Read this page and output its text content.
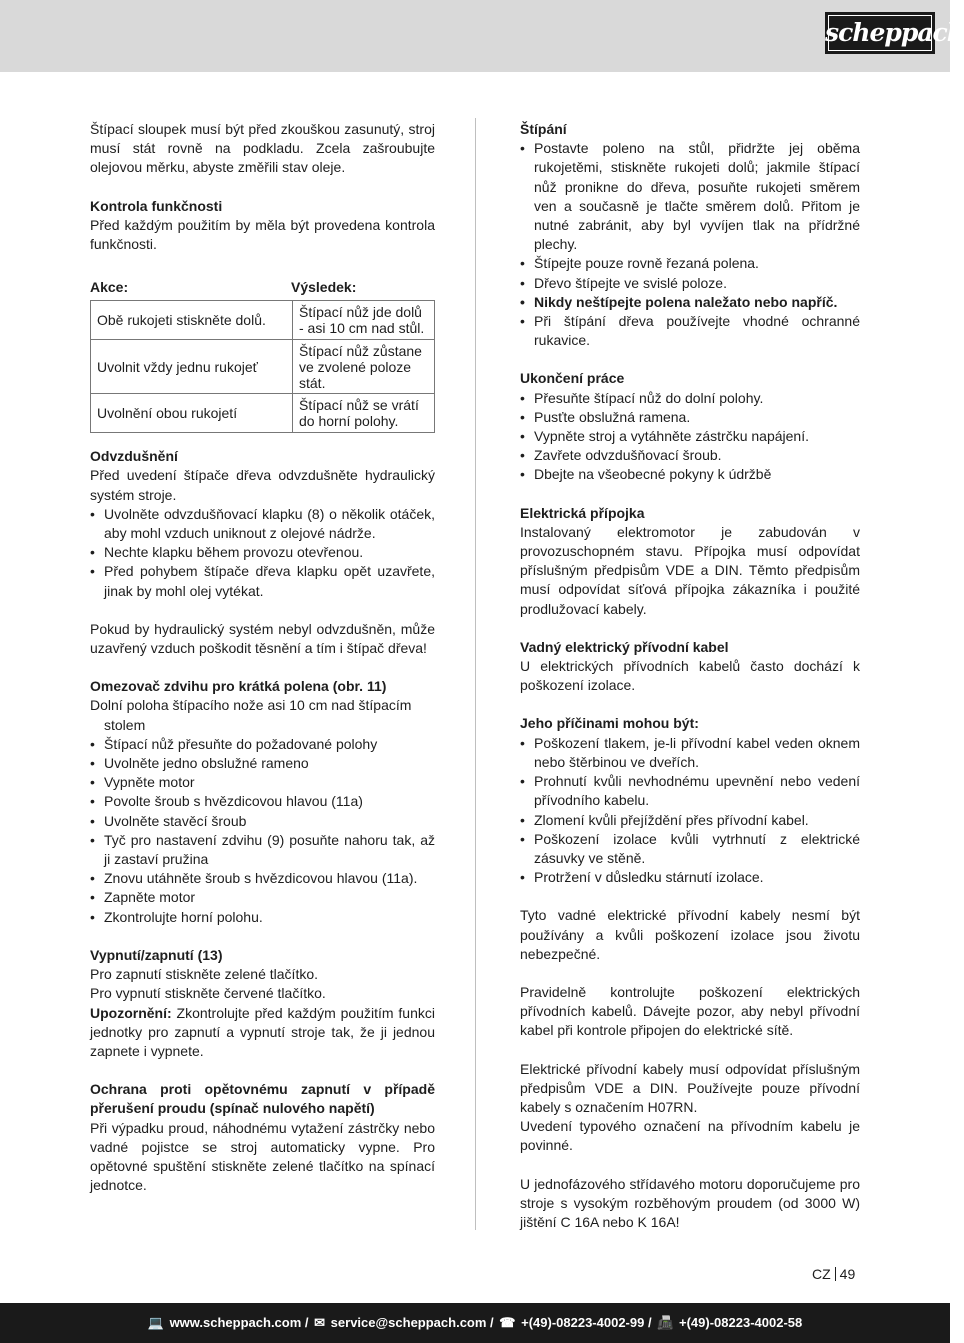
scheppach

Štípací sloupek musí být před zkouškou zasunutý, stroj musí stát rovně na podkladu. Zcela zašroubujte olejovou měrku, abyste změřili stav oleje.

Kontrola funkčnosti

Před každým použitím by měla být provedena kontrola funkčnosti.

Akce:	Výsledek:
Obě rukojeti stiskněte dolů.	Štípací nůž jde dolů - asi 10 cm nad stůl.
Uvolnit vždy jednu rukojeť	Štípací nůž zůstane ve zvolené poloze stát.
Uvolnění obou rukojetí	Štípací nůž se vrátí do horní polohy.
Odvzdušnění

Před uvedení štípače dřeva odvzdušněte hydraulický systém stroje.

• Uvolněte odvzdušňovací klapku (8) o několik otáček, aby mohl vzduch uniknout z olejové nádrže.
• Nechte klapku během provozu otevřenou.
• Před pohybem štípače dřeva klapku opět uzavřete, jinak by mohl olej vytékat.

Pokud by hydraulický systém nebyl odvzdušněn, může uzavřený vzduch poškodit těsnění a tím i štípač dřeva!

Omezovač zdvihu pro krátká polena (obr. 11)

Dolní poloha štípacího nože asi 10 cm nad štípacím stolem

• Štípací nůž přesuňte do požadované polohy
• Uvolněte jedno obslužné rameno
• Vypněte motor
• Povolte šroub s hvězdicovou hlavou (11a)
• Uvolněte stavěcí šroub
• Tyč pro nastavení zdvihu (9) posuňte nahoru tak, až ji zastaví pružina
• Znovu utáhněte šroub s hvězdicovou hlavou (11a).
• Zapněte motor
• Zkontrolujte horní polohu.
Vypnutí/zapnutí (13)

Pro zapnutí stiskněte zelené tlačítko.

Pro vypnutí stiskněte červené tlačítko.

Upozornění: Zkontrolujte před každým použitím funkci jednotky pro zapnutí a vypnutí stroje tak, že ji jednou zapnete i vypnete.

Ochrana proti opětovnému zapnutí v případě přerušení proudu (spínač nulového napětí)

Při výpadku proud, náhodnému vytažení zástrčky nebo vadné pojistce se stroj automaticky vypne. Pro opětovné spuštění stiskněte zelené tlačítko na spínací jednotce.

Štípání
• Postavte poleno na stůl, přidržte jej oběma rukojetěmi, stiskněte rukojeti dolů; jakmile štípací nůž pronikne do dřeva, posuňte rukojeti směrem ven a současně je tlačte směrem dolů. Přitom je nutné zabránit, aby byl vyvíjen tlak na přídržné plechy.
• Štípejte pouze rovně řezaná polena.
• Dřevo štípejte ve svislé poloze.
• Nikdy neštípejte polena naležato nebo napříč.
• Při štípání dřeva používejte vhodné ochranné rukavice.
Ukončení práce
• Přesuňte štípací nůž do dolní polohy.
• Pusťte obslužná ramena.
• Vypněte stroj a vytáhněte zástrčku napájení.
• Zavřete odvzdušňovací šroub.
• Dbejte na všeobecné pokyny k údržbě
Elektrická přípojka

Instalovaný elektromotor je zabudován v provozuschopném stavu. Přípojka musí odpovídat příslušným předpisům VDE a DIN. Těmto předpisům musí odpovídat síťová přípojka zákazníka i použité prodlužovací kabely.

Vadný elektrický přívodní kabel

U elektrických přívodních kabelů často dochází k poškození izolace.

Jeho příčinami mohou být:
• Poškození tlakem, je-li přívodní kabel veden oknem nebo štěrbinou ve dveřích.
• Prohnutí kvůli nevhodnému upevnění nebo vedení přívodního kabelu.
• Zlomení kvůli přejíždění přes přívodní kabel.
• Poškození izolace kvůli vytrhnutí z elektrické zásuvky ve stěně.
• Protržení v důsledku stárnutí izolace.

Tyto vadné elektrické přívodní kabely nesmí být používány a kvůli poškození izolace jsou životu nebezpečné.

Pravidelně kontrolujte poškození elektrických přívodních kabelů. Dávejte pozor, aby nebyl přívodní kabel při kontrole připojen do elektrické sítě.

Elektrické přívodní kabely musí odpovídat příslušným předpisům VDE a DIN. Používejte pouze přívodní kabely s označením H07RN.

Uvedení typového označení na přívodním kabelu je povinné.

U jednofázového střídavého motoru doporučujeme pro stroje s vysokým rozběhovým proudem (od 3000 W) jištění C 16A nebo K 16A!

CZ 49
💻 www.scheppach.com / ✉ service@scheppach.com / ☎ +(49)-08223-4002-99 / 📠 +(49)-08223-4002-58
